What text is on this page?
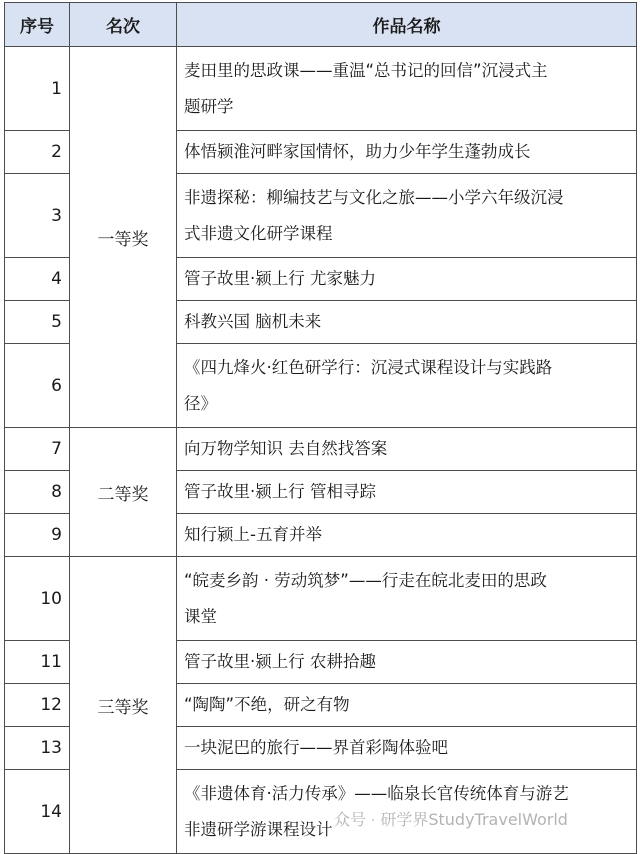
序号	名次	作品名称
1	一等奖	麦田里的思政课——重温“总书记的回信”沉浸式主
题研学

2		体悟颍淮河畔家国情怀，助力少年学生蓬勃成长

3		非遗探秘：柳编技艺与文化之旅——小学六年级沉浸
式非遗文化研学课程

4		管子故里·颍上行 尤家魅力

5		科教兴国 脑机未来

6		《四九烽火·红色研学行：沉浸式课程设计与实践路
径》

7	二等奖	向万物学知识 去自然找答案

8		管子故里·颍上行 管相寻踪

9		知行颍上-五育并举

10	三等奖	“皖麦乡韵 · 劳动筑梦”——行走在皖北麦田的思政
课堂

11		管子故里·颍上行 农耕拾趣

12		“陶陶”不绝，研之有物

13		一块泥巴的旅行——界首彩陶体验吧

14		《非遗体育·活力传承》——临泉长官传统体育与游艺
非遗研学游课程设计 众号 · 研学界StudyTravelWorld
